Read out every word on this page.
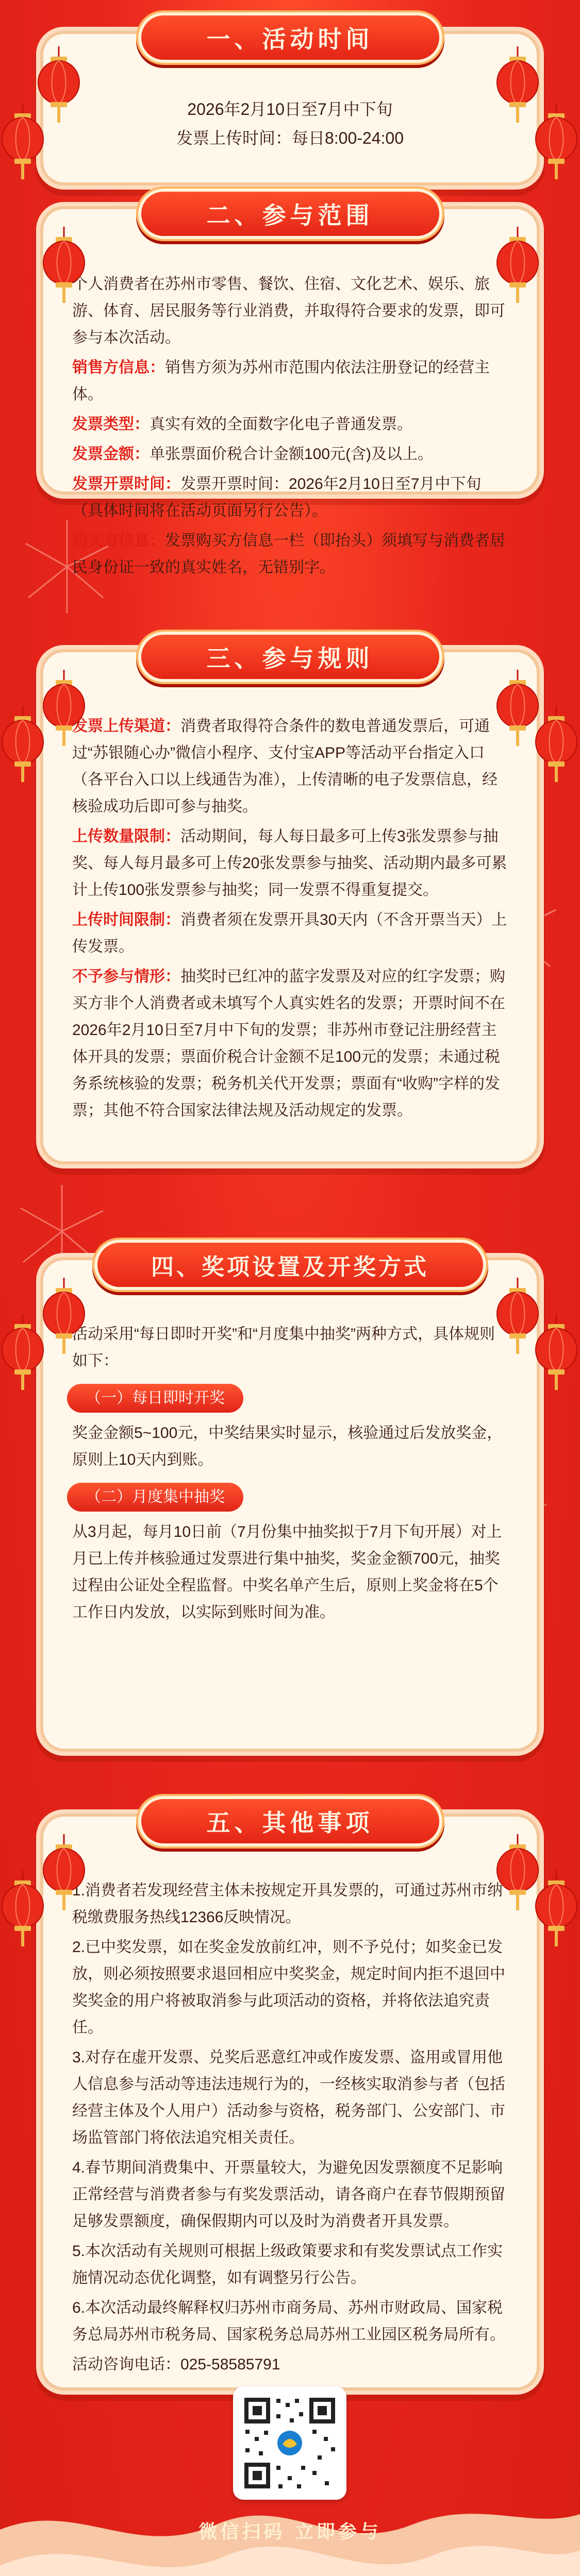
2026年2月10日至7月中下旬
发票上传时间：每日8:00-24:00
一、活动时间
个人消费者在苏州市零售、餐饮、住宿、文化艺术、娱乐、旅游、体育、居民服务等行业消费，并取得符合要求的发票，即可参与本次活动。
销售方信息：销售方须为苏州市范围内依法注册登记的经营主体。
发票类型：真实有效的全面数字化电子普通发票。
发票金额：单张票面价税合计金额100元(含)及以上。
发票开票时间：发票开票时间：2026年2月10日至7月中下旬（具体时间将在活动页面另行公告）。
购买方信息：发票购买方信息一栏（即抬头）须填写与消费者居民身份证一致的真实姓名，无错别字。
二、参与范围
发票上传渠道：消费者取得符合条件的数电普通发票后，可通过“苏银随心办”微信小程序、支付宝APP等活动平台指定入口（各平台入口以上线通告为准），上传清晰的电子发票信息，经核验成功后即可参与抽奖。
上传数量限制：活动期间，每人每日最多可上传3张发票参与抽奖、每人每月最多可上传20张发票参与抽奖、活动期内最多可累计上传100张发票参与抽奖；同一发票不得重复提交。
上传时间限制：消费者须在发票开具30天内（不含开票当天）上传发票。
不予参与情形：抽奖时已红冲的蓝字发票及对应的红字发票；购买方非个人消费者或未填写个人真实姓名的发票；开票时间不在2026年2月10日至7月中下旬的发票；非苏州市登记注册经营主体开具的发票；票面价税合计金额不足100元的发票；未通过税务系统核验的发票；税务机关代开发票；票面有“收购”字样的发票；其他不符合国家法律法规及活动规定的发票。
三、参与规则
活动采用“每日即时开奖”和“月度集中抽奖”两种方式，具体规则如下：
（一）每日即时开奖
奖金金额5~100元，中奖结果实时显示，核验通过后发放奖金，原则上10天内到账。
（二）月度集中抽奖
从3月起，每月10日前（7月份集中抽奖拟于7月下旬开展）对上月已上传并核验通过发票进行集中抽奖，奖金金额700元，抽奖过程由公证处全程监督。中奖名单产生后，原则上奖金将在5个工作日内发放，以实际到账时间为准。
四、奖项设置及开奖方式
1.消费者若发现经营主体未按规定开具发票的，可通过苏州市纳税缴费服务热线12366反映情况。
2.已中奖发票，如在奖金发放前红冲，则不予兑付；如奖金已发放，则必须按照要求退回相应中奖奖金，规定时间内拒不退回中奖奖金的用户将被取消参与此项活动的资格，并将依法追究责任。
3.对存在虚开发票、兑奖后恶意红冲或作废发票、盗用或冒用他人信息参与活动等违法违规行为的，一经核实取消参与者（包括经营主体及个人用户）活动参与资格，税务部门、公安部门、市场监管部门将依法追究相关责任。
4.春节期间消费集中、开票量较大，为避免因发票额度不足影响正常经营与消费者参与有奖发票活动，请各商户在春节假期预留足够发票额度，确保假期内可以及时为消费者开具发票。
5.本次活动有关规则可根据上级政策要求和有奖发票试点工作实施情况动态优化调整，如有调整另行公告。
6.本次活动最终解释权归苏州市商务局、苏州市财政局、国家税务总局苏州市税务局、国家税务总局苏州工业园区税务局所有。
活动咨询电话：025-58585791
五、其他事项
微信扫码 立即参与
